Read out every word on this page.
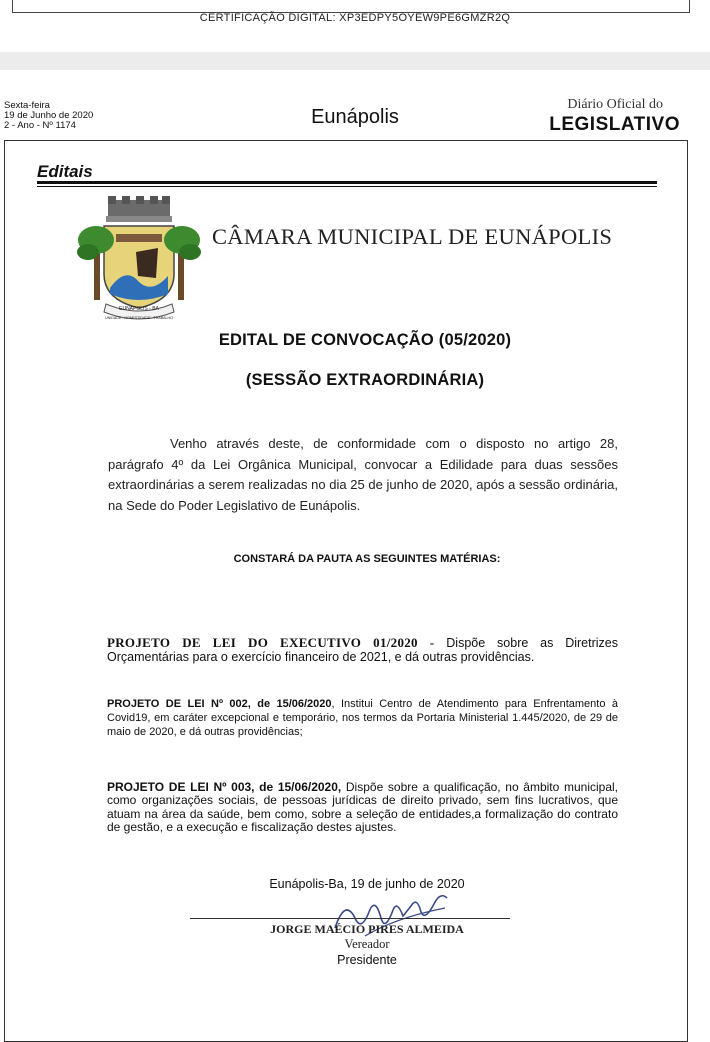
CERTIFICAÇÃO DIGITAL: XP3EDPY5OYEW9PE6GMZR2Q
Sexta-feira
19 de Junho de 2020
2 - Ano - Nº 1174	Eunápolis
Diário Oficial do
LEGISLATIVO
Editais
EUNÁPOLIS - BA
UNIDADE - HONESTIDADE - TRABALHO
CÂMARA MUNICIPAL DE EUNÁPOLIS
EDITAL DE CONVOCAÇÃO (05/2020)
(SESSÃO EXTRAORDINÁRIA)
Venho através deste, de conformidade com o disposto no artigo 28, parágrafo 4º da Lei Orgânica Municipal, convocar a Edilidade para duas sessões extraordinárias a serem realizadas no dia 25 de junho de 2020, após a sessão ordinária, na Sede do Poder Legislativo de Eunápolis.
CONSTARÁ DA PAUTA AS SEGUINTES MATÉRIAS:
PROJETO DE LEI DO EXECUTIVO 01/2020 - Dispõe sobre as Diretrizes Orçamentárias para o exercício financeiro de 2021, e dá outras providências.
PROJETO DE LEI Nº 002, de 15/06/2020, Institui Centro de Atendimento para Enfrentamento à Covid19, em caráter excepcional e temporário, nos termos da Portaria Ministerial 1.445/2020, de 29 de maio de 2020, e dá outras providências;
PROJETO DE LEI Nº 003, de 15/06/2020, Dispõe sobre a qualificação, no âmbito municipal, como organizações sociais, de pessoas jurídicas de direito privado, sem fins lucrativos, que atuam na área da saúde, bem como, sobre a seleção de entidades,a formalização do contrato de gestão, e a execução e fiscalização destes ajustes.
Eunápolis-Ba, 19 de junho de 2020
JORGE MAÉCIO PIRES ALMEIDA
Vereador
Presidente
